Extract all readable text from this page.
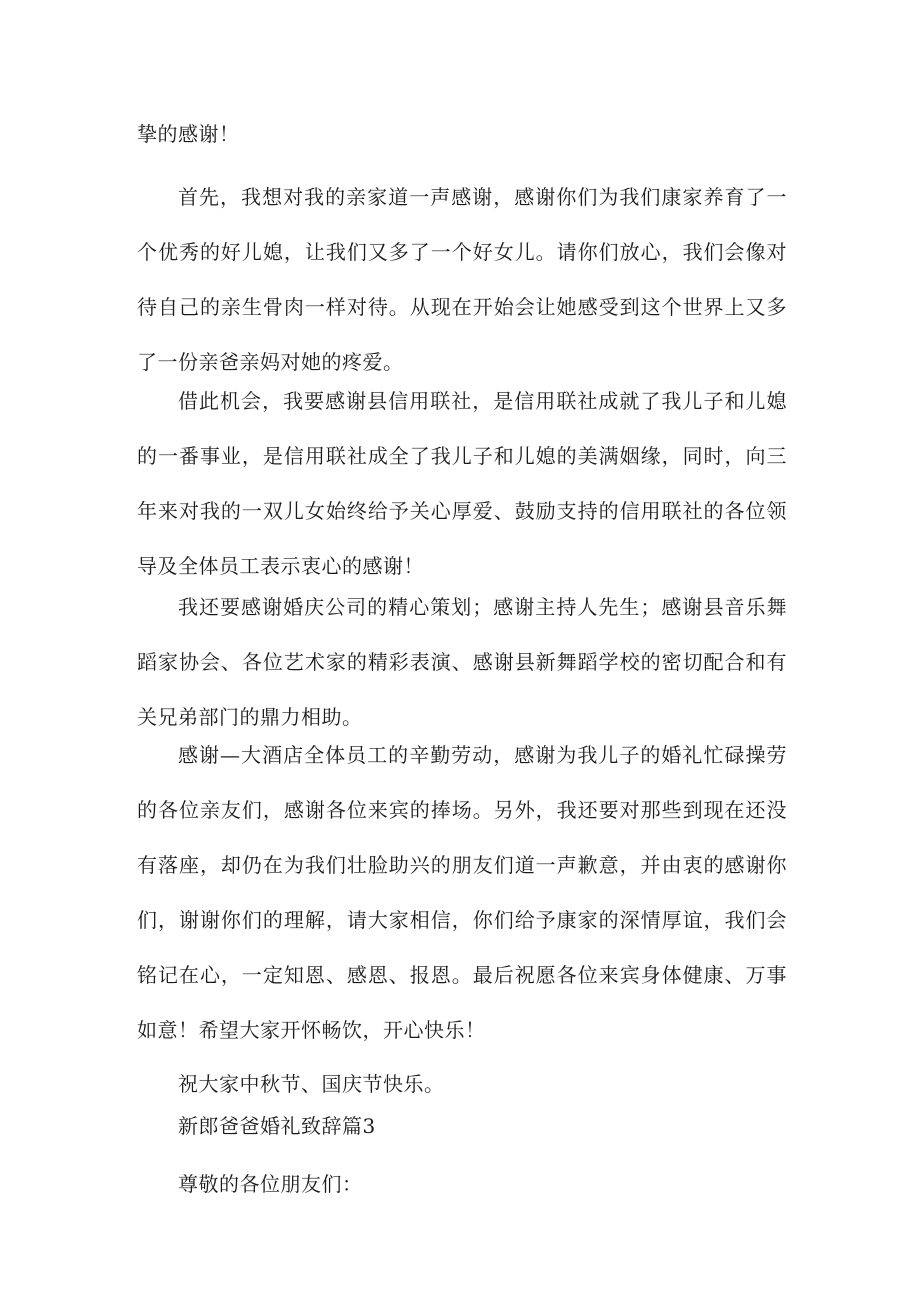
挚的感谢！

首先，我想对我的亲家道一声感谢，感谢你们为我们康家养育了一个优秀的好儿媳，让我们又多了一个好女儿。请你们放心，我们会像对待自己的亲生骨肉一样对待。从现在开始会让她感受到这个世界上又多了一份亲爸亲妈对她的疼爱。

借此机会，我要感谢县信用联社，是信用联社成就了我儿子和儿媳的一番事业，是信用联社成全了我儿子和儿媳的美满姻缘，同时，向三年来对我的一双儿女始终给予关心厚爱、鼓励支持的信用联社的各位领导及全体员工表示衷心的感谢！

我还要感谢婚庆公司的精心策划；感谢主持人先生；感谢县音乐舞蹈家协会、各位艺术家的精彩表演、感谢县新舞蹈学校的密切配合和有关兄弟部门的鼎力相助。

感谢—大酒店全体员工的辛勤劳动，感谢为我儿子的婚礼忙碌操劳的各位亲友们，感谢各位来宾的捧场。另外，我还要对那些到现在还没有落座，却仍在为我们壮脸助兴的朋友们道一声歉意，并由衷的感谢你们，谢谢你们的理解，请大家相信，你们给予康家的深情厚谊，我们会铭记在心，一定知恩、感恩、报恩。最后祝愿各位来宾身体健康、万事如意！希望大家开怀畅饮，开心快乐！

祝大家中秋节、国庆节快乐。

新郎爸爸婚礼致辞篇3

尊敬的各位朋友们：
